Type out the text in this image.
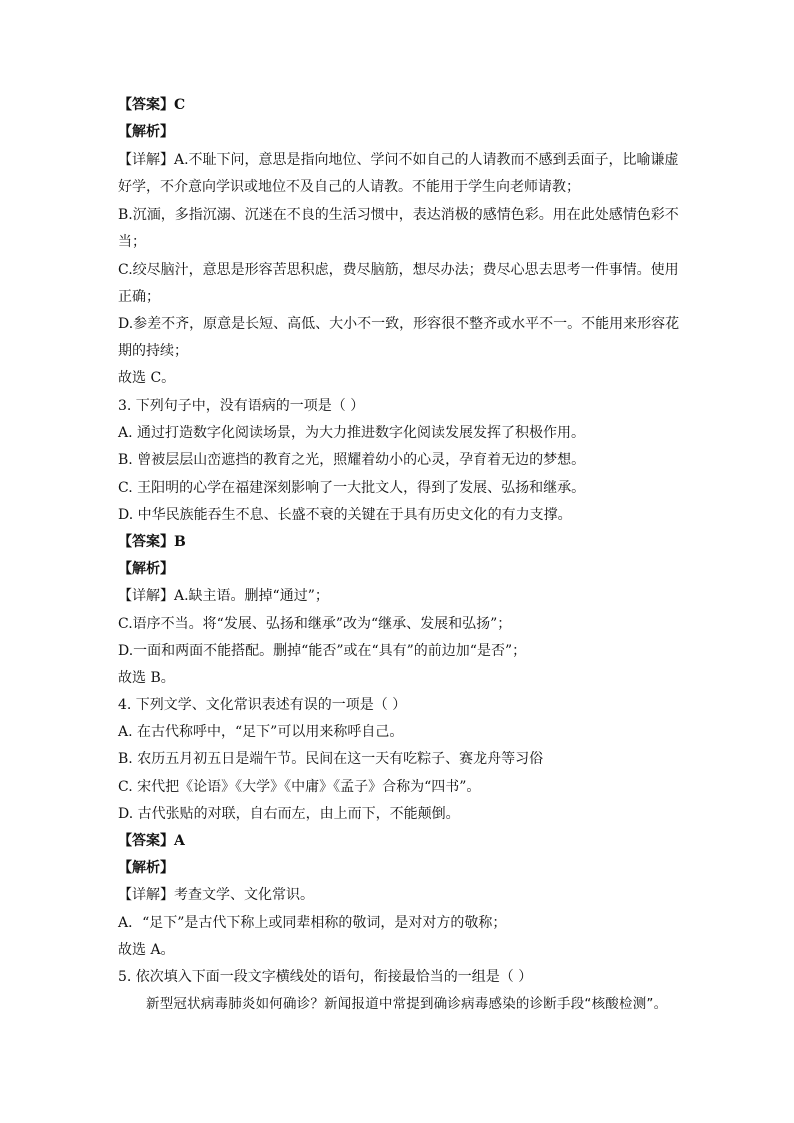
【答案】C
【解析】
【详解】A.不耻下问，意思是指向地位、学问不如自己的人请教而不感到丢面子，比喻谦虚
好学，不介意向学识或地位不及自己的人请教。不能用于学生向老师请教；
B.沉湎，多指沉溺、沉迷在不良的生活习惯中，表达消极的感情色彩。用在此处感情色彩不
当；
C.绞尽脑汁，意思是形容苦思积虑，费尽脑筋，想尽办法；费尽心思去思考一件事情。使用
正确；
D.参差不齐，原意是长短、高低、大小不一致，形容很不整齐或水平不一。不能用来形容花
期的持续；
故选 C。
3. 下列句子中，没有语病的一项是（ ）
A. 通过打造数字化阅读场景，为大力推进数字化阅读发展发挥了积极作用。
B. 曾被层层山峦遮挡的教育之光，照耀着幼小的心灵，孕育着无边的梦想。
C. 王阳明的心学在福建深刻影响了一大批文人，得到了发展、弘扬和继承。
D. 中华民族能吞生不息、长盛不衰的关键在于具有历史文化的有力支撑。
【答案】B
【解析】
【详解】A.缺主语。删掉“通过”；
C.语序不当。将“发展、弘扬和继承”改为“继承、发展和弘扬”；
D.一面和两面不能搭配。删掉“能否”或在“具有”的前边加“是否”；
故选 B。
4. 下列文学、文化常识表述有误的一项是（ ）
A. 在古代称呼中，“足下”可以用来称呼自己。
B. 农历五月初五日是端午节。民间在这一天有吃粽子、赛龙舟等习俗
C. 宋代把《论语》《大学》《中庸》《孟子》合称为“四书”。
D. 古代张贴的对联，自右而左，由上而下，不能颠倒。
【答案】A
【解析】
【详解】考查文学、文化常识。
A．“足下”是古代下称上或同辈相称的敬词，是对对方的敬称；
故选 A。
5. 依次填入下面一段文字横线处的语句，衔接最恰当的一组是（ ）
新型冠状病毒肺炎如何确诊？新闻报道中常提到确诊病毒感染的诊断手段“核酸检测”。
